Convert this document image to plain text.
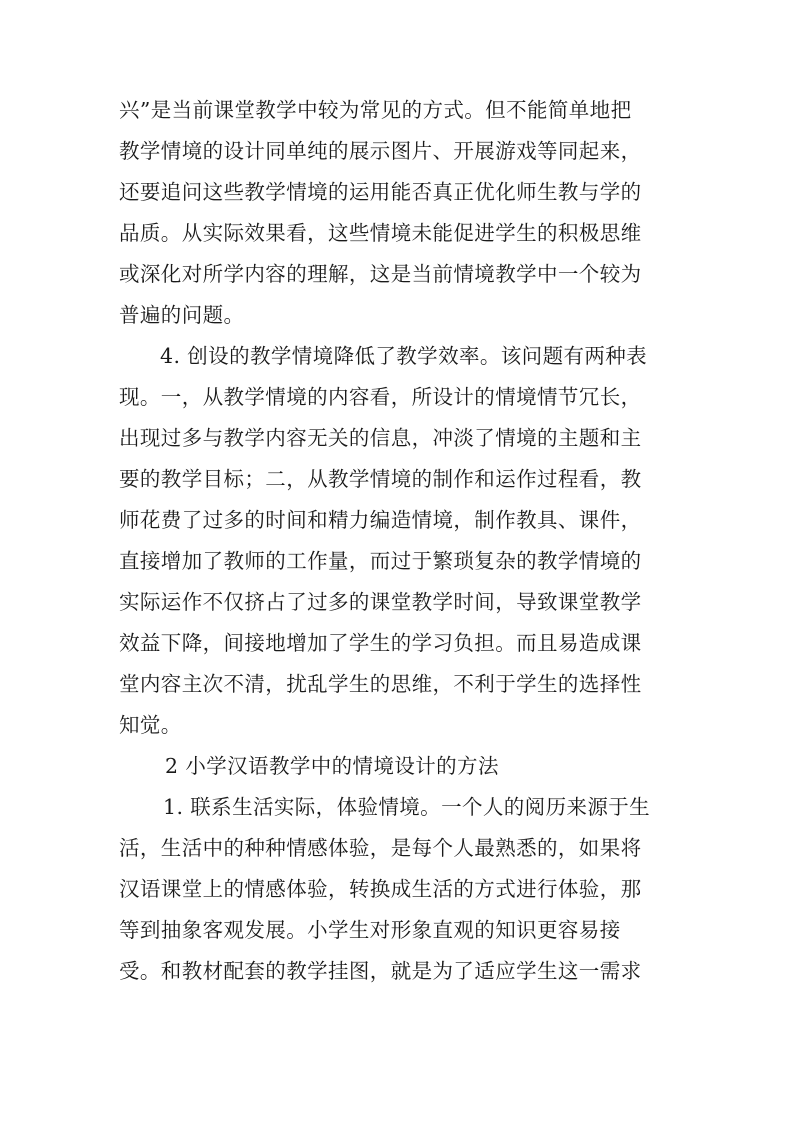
兴”是当前课堂教学中较为常见的方式。但不能简单地把
教学情境的设计同单纯的展示图片、开展游戏等同起来，
还要追问这些教学情境的运用能否真正优化师生教与学的
品质。从实际效果看，这些情境未能促进学生的积极思维
或深化对所学内容的理解，这是当前情境教学中一个较为
普遍的问题。
4. 创设的教学情境降低了教学效率。该问题有两种表
现。一，从教学情境的内容看，所设计的情境情节冗长，
出现过多与教学内容无关的信息，冲淡了情境的主题和主
要的教学目标；二，从教学情境的制作和运作过程看，教
师花费了过多的时间和精力编造情境，制作教具、课件，
直接增加了教师的工作量，而过于繁琐复杂的教学情境的
实际运作不仅挤占了过多的课堂教学时间，导致课堂教学
效益下降，间接地增加了学生的学习负担。而且易造成课
堂内容主次不清，扰乱学生的思维，不利于学生的选择性
知觉。
2 小学汉语教学中的情境设计的方法
1. 联系生活实际，体验情境。一个人的阅历来源于生
活，生活中的种种情感体验，是每个人最熟悉的，如果将
汉语课堂上的情感体验，转换成生活的方式进行体验，那
等到抽象客观发展。小学生对形象直观的知识更容易接
受。和教材配套的教学挂图，就是为了适应学生这一需求
